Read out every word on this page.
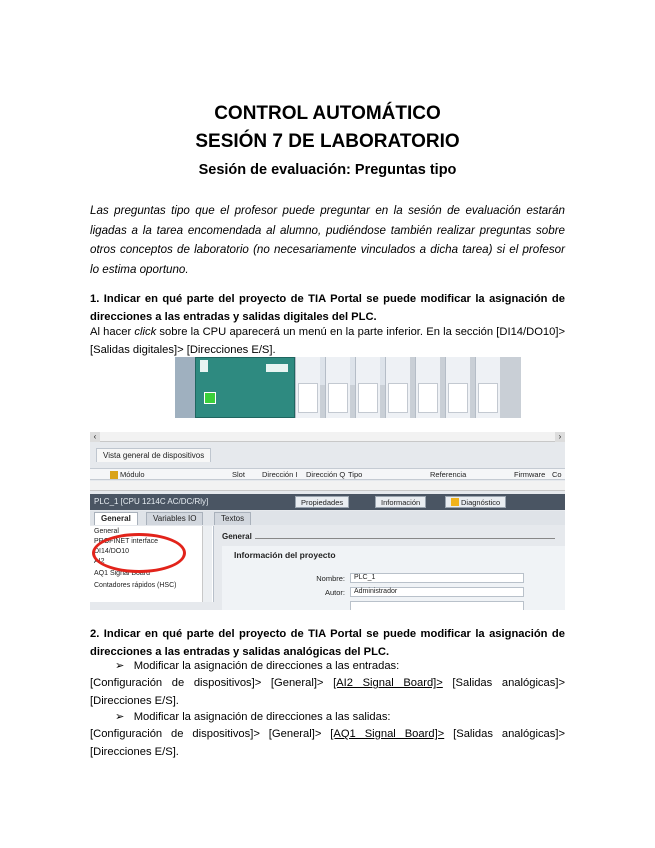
CONTROL AUTOMÁTICO
SESIÓN 7 DE LABORATORIO
Sesión de evaluación: Preguntas tipo
Las preguntas tipo que el profesor puede preguntar en la sesión de evaluación estarán ligadas a la tarea encomendada al alumno, pudiéndose también realizar preguntas sobre otros conceptos de laboratorio (no necesariamente vinculados a dicha tarea) si el profesor lo estima oportuno.
1. Indicar en qué parte del proyecto de TIA Portal se puede modificar la asignación de direcciones a las entradas y salidas digitales del PLC.
Al hacer click sobre la CPU aparecerá un menú en la parte inferior. En la sección [DI14/DO10]> [Salidas digitales]> [Direcciones E/S].
‹	›
Vista general de dispositivos
Módulo	Slot Dirección I Dirección Q Tipo	Referencia	Firmware Co
PLC_1 [CPU 1214C AC/DC/Rly]	Propiedades	Información	Diagnóstico
General	Variables IO	Textos
General
PROFINET interface
DI14/DO10
AI2
AQ1 Signal Board
Contadores rápidos (HSC)
General
Información del proyecto
Nombre:	PLC_1
Autor:	Administrador
2. Indicar en qué parte del proyecto de TIA Portal se puede modificar la asignación de direcciones a las entradas y salidas analógicas del PLC.
➢   Modificar la asignación de direcciones a las entradas:
[Configuración de dispositivos]> [General]> [AI2 Signal Board]> [Salidas analógicas]> [Direcciones E/S].
➢   Modificar la asignación de direcciones a las salidas:
[Configuración de dispositivos]> [General]> [AQ1 Signal Board]> [Salidas analógicas]> [Direcciones E/S].
